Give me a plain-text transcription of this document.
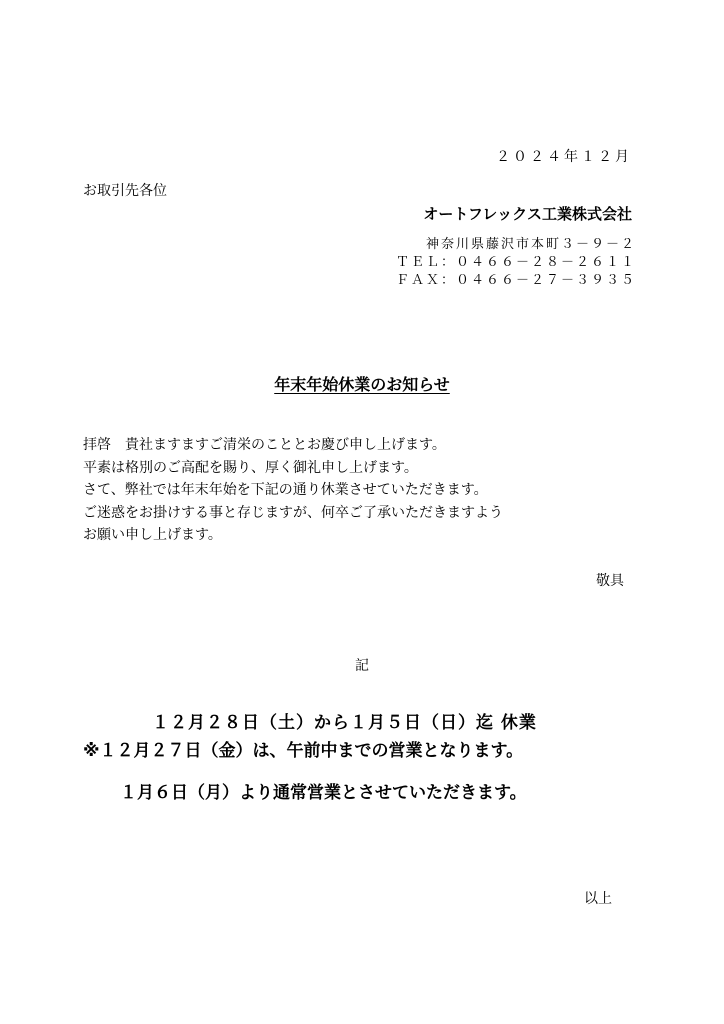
２０２４年１２月
お取引先各位
オートフレックス工業株式会社
神奈川県藤沢市本町３－９－２
ＴＥＬ：０４６６－２８－２６１１
ＦＡＸ：０４６６－２７－３９３５
年末年始休業のお知らせ
拝啓　貴社ますますご清栄のこととお慶び申し上げます。
平素は格別のご高配を賜り、厚く御礼申し上げます。
さて、弊社では年末年始を下記の通り休業させていただきます。
ご迷惑をお掛けする事と存じますが、何卒ご了承いただきますよう
お願い申し上げます。
敬具
記
１２月２８日（土）から１月５日（日）迄 休業
※１２月２７日（金）は、午前中までの営業となります。
１月６日（月）より通常営業とさせていただきます。
以上
